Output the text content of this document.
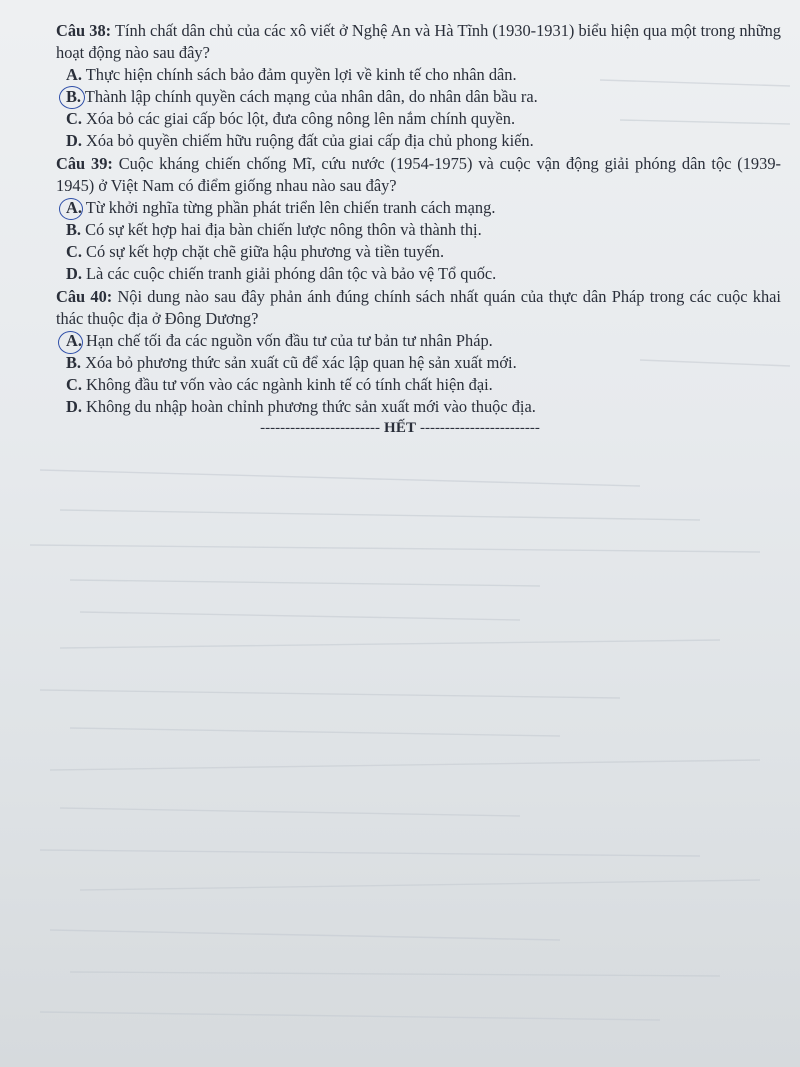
Câu 38: Tính chất dân chủ của các xô viết ở Nghệ An và Hà Tĩnh (1930-1931) biểu hiện qua một trong những hoạt động nào sau đây?
A. Thực hiện chính sách bảo đảm quyền lợi về kinh tế cho nhân dân.
B. Thành lập chính quyền cách mạng của nhân dân, do nhân dân bầu ra.
C. Xóa bỏ các giai cấp bóc lột, đưa công nông lên nắm chính quyền.
D. Xóa bỏ quyền chiếm hữu ruộng đất của giai cấp địa chủ phong kiến.
Câu 39: Cuộc kháng chiến chống Mĩ, cứu nước (1954-1975) và cuộc vận động giải phóng dân tộc (1939-1945) ở Việt Nam có điểm giống nhau nào sau đây?
A. Từ khởi nghĩa từng phần phát triển lên chiến tranh cách mạng.
B. Có sự kết hợp hai địa bàn chiến lược nông thôn và thành thị.
C. Có sự kết hợp chặt chẽ giữa hậu phương và tiền tuyến.
D. Là các cuộc chiến tranh giải phóng dân tộc và bảo vệ Tổ quốc.
Câu 40: Nội dung nào sau đây phản ánh đúng chính sách nhất quán của thực dân Pháp trong các cuộc khai thác thuộc địa ở Đông Dương?
A. Hạn chế tối đa các nguồn vốn đầu tư của tư bản tư nhân Pháp.
B. Xóa bỏ phương thức sản xuất cũ để xác lập quan hệ sản xuất mới.
C. Không đầu tư vốn vào các ngành kinh tế có tính chất hiện đại.
D. Không du nhập hoàn chỉnh phương thức sản xuất mới vào thuộc địa.
------------------------ HẾT ------------------------
